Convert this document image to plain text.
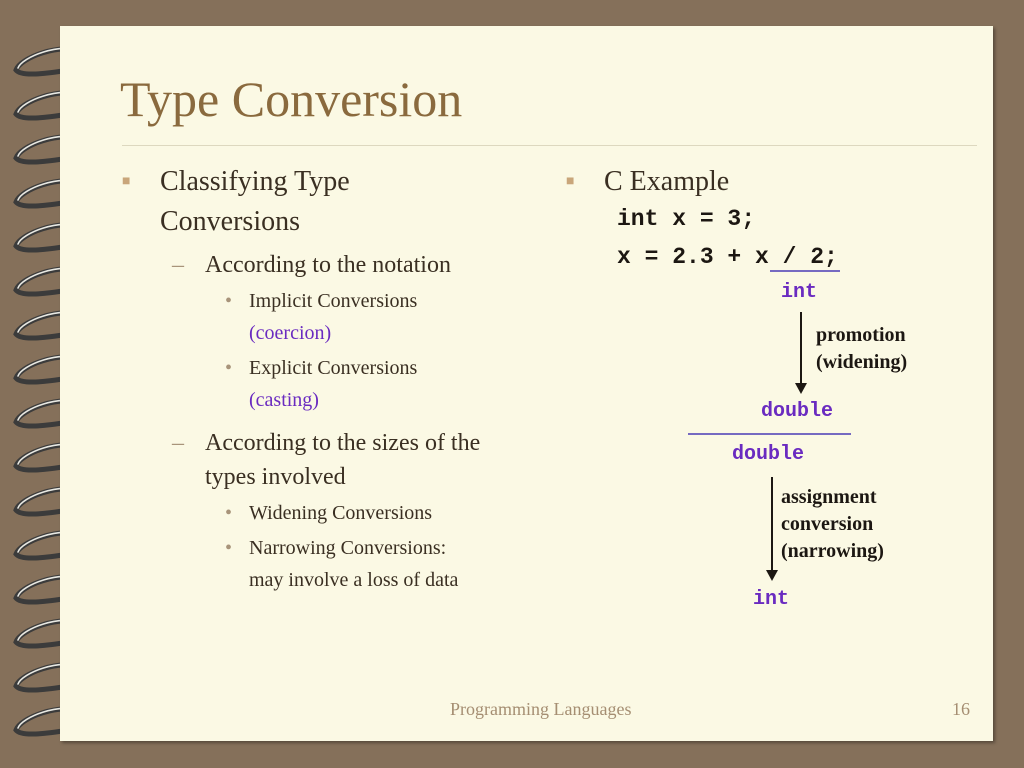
Type Conversion
■ Classifying Type
Conversions
– According to the notation
• Implicit Conversions
(coercion)
• Explicit Conversions
(casting)
– According to the sizes of the
types involved
• Widening Conversions
• Narrowing Conversions:
may involve a loss of data
■ C Example
int x = 3;
x = 2.3 + x / 2;
int
promotion
(widening)
double
double
assignment
conversion
(narrowing)
int
Programming Languages	16
